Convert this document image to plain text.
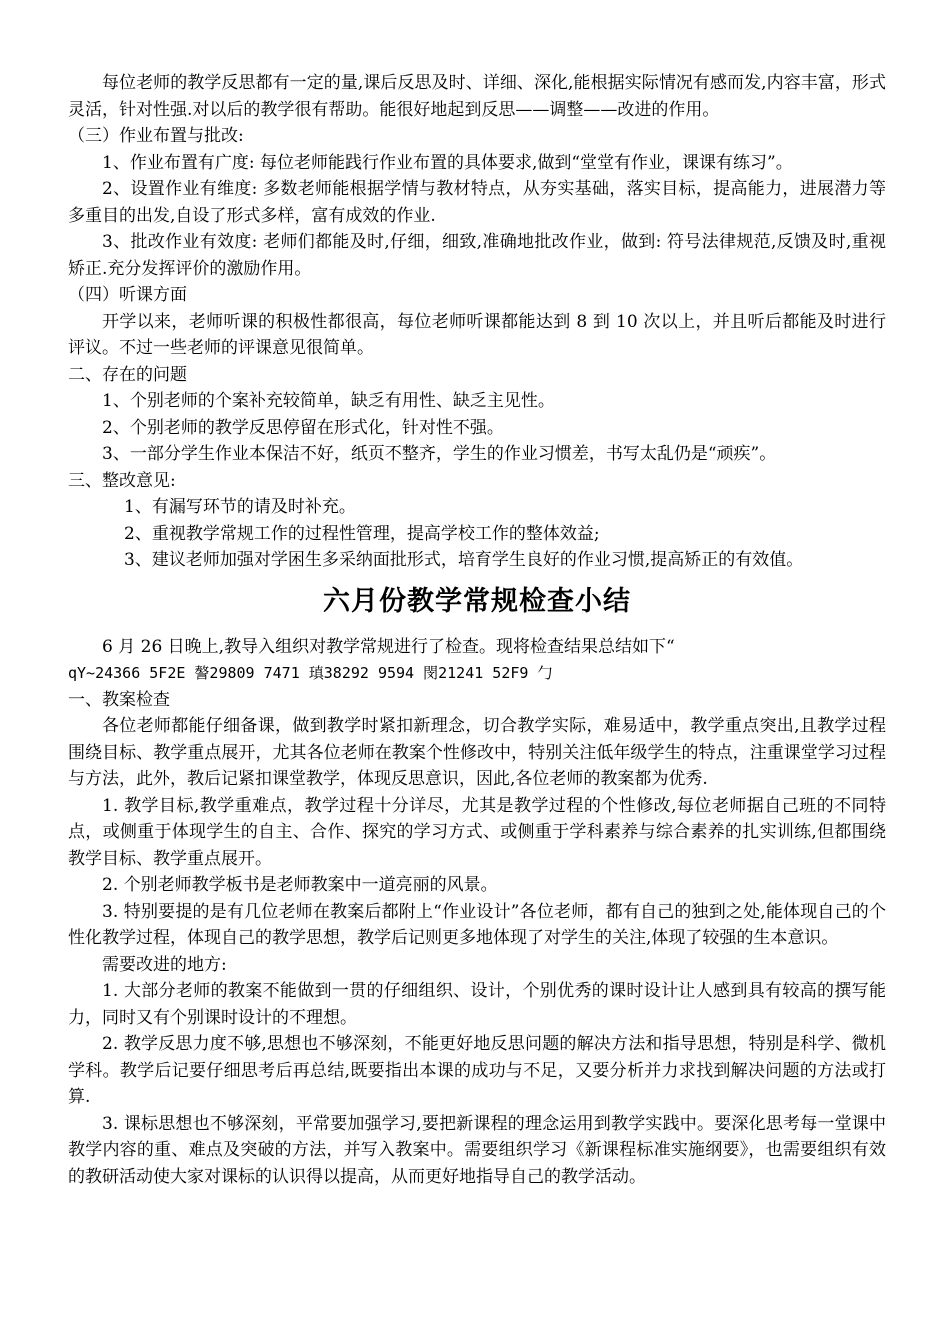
每位老师的教学反思都有一定的量,课后反思及时、详细、深化,能根据实际情况有感而发,内容丰富，形式灵活，针对性强.对以后的教学很有帮助。能很好地起到反思——调整——改进的作用。

（三）作业布置与批改:

1、作业布置有广度: 每位老师能践行作业布置的具体要求,做到“堂堂有作业，课课有练习”。

2、设置作业有维度: 多数老师能根据学情与教材特点，从夯实基础，落实目标，提高能力，进展潜力等多重目的出发,自设了形式多样，富有成效的作业.

3、批改作业有效度: 老师们都能及时,仔细，细致,准确地批改作业，做到: 符号法律规范,反馈及时,重视矫正.充分发挥评价的激励作用。

（四）听课方面

开学以来，老师听课的积极性都很高，每位老师听课都能达到 8 到 10 次以上，并且听后都能及时进行评议。不过一些老师的评课意见很简单。

二、存在的问题

1、个别老师的个案补充较简单，缺乏有用性、缺乏主见性。

2、个别老师的教学反思停留在形式化，针对性不强。

3、一部分学生作业本保洁不好，纸页不整齐，学生的作业习惯差，书写太乱仍是“顽疾”。

三、整改意见:

1、有漏写环节的请及时补充。

2、重视教学常规工作的过程性管理，提高学校工作的整体效益;

3、建议老师加强对学困生多采纳面批形式，培育学生良好的作业习惯,提高矫正的有效值。

六月份教学常规检查小结

6 月 26 日晚上,教导入组织对教学常规进行了检查。现将检查结果总结如下“

qY~24366 5F2E 謷29809 7471 瑱38292 9594 閔21241 52F9 勹

一、教案检查

各位老师都能仔细备课，做到教学时紧扣新理念，切合教学实际，难易适中，教学重点突出,且教学过程围绕目标、教学重点展开，尤其各位老师在教案个性修改中，特别关注低年级学生的特点，注重课堂学习过程与方法，此外，教后记紧扣课堂教学，体现反思意识，因此,各位老师的教案都为优秀.

1. 教学目标,教学重难点，教学过程十分详尽，尤其是教学过程的个性修改,每位老师据自己班的不同特点，或侧重于体现学生的自主、合作、探究的学习方式、或侧重于学科素养与综合素养的扎实训练,但都围绕教学目标、教学重点展开。

2. 个别老师教学板书是老师教案中一道亮丽的风景。

3. 特别要提的是有几位老师在教案后都附上“作业设计”各位老师，都有自己的独到之处,能体现自己的个性化教学过程，体现自己的教学思想，教学后记则更多地体现了对学生的关注,体现了较强的生本意识。

需要改进的地方:

1. 大部分老师的教案不能做到一贯的仔细组织、设计，个别优秀的课时设计让人感到具有较高的撰写能力，同时又有个别课时设计的不理想。

2. 教学反思力度不够,思想也不够深刻，不能更好地反思问题的解决方法和指导思想，特别是科学、微机学科。教学后记要仔细思考后再总结,既要指出本课的成功与不足，又要分析并力求找到解决问题的方法或打算.

3. 课标思想也不够深刻，平常要加强学习,要把新课程的理念运用到教学实践中。要深化思考每一堂课中教学内容的重、难点及突破的方法，并写入教案中。需要组织学习《新课程标准实施纲要》，也需要组织有效的教研活动使大家对课标的认识得以提高，从而更好地指导自己的教学活动。
